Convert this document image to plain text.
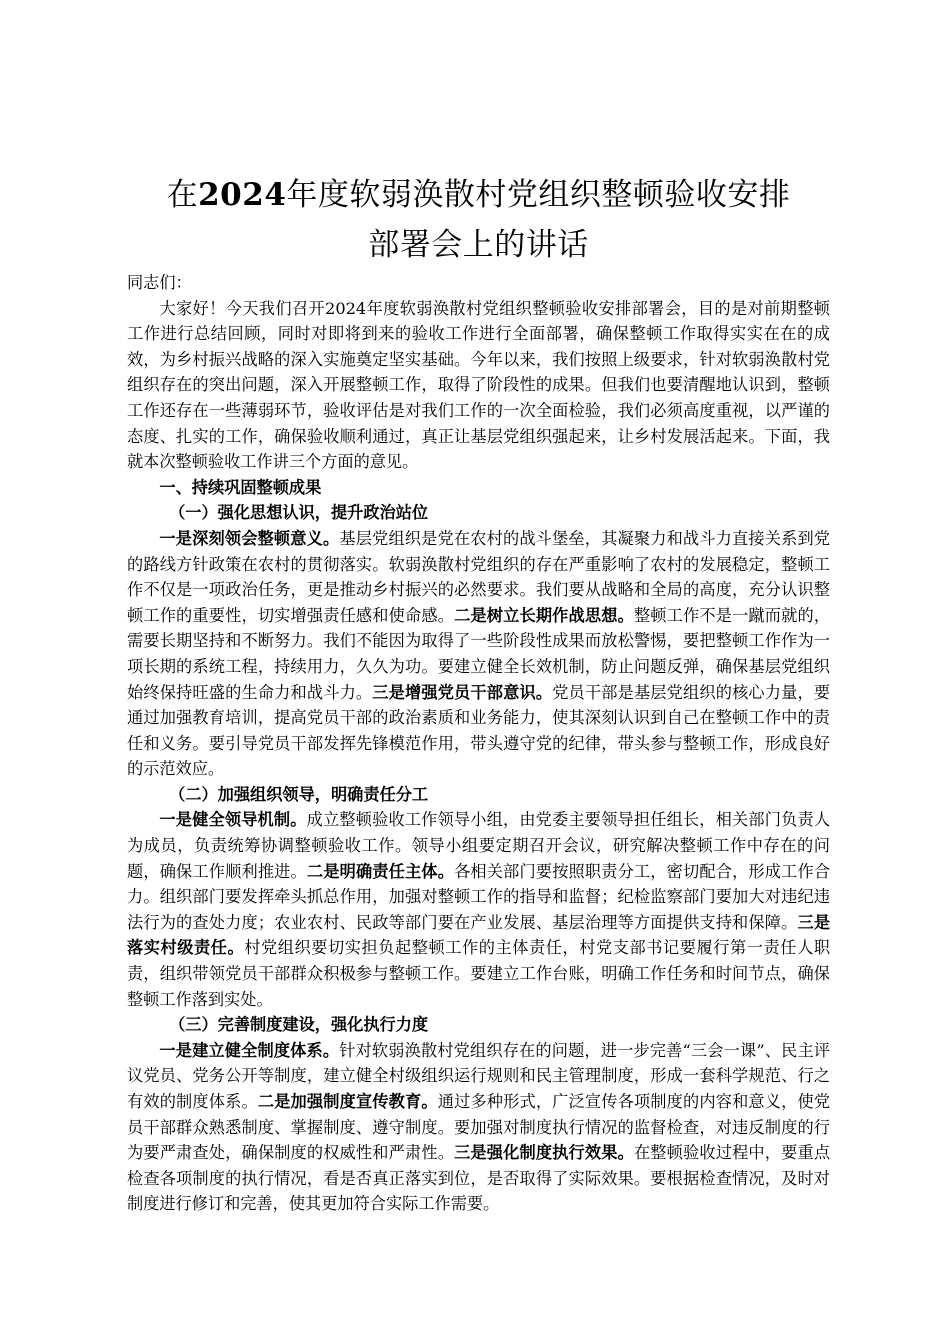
在2024年度软弱涣散村党组织整顿验收安排
部署会上的讲话

同志们：

大家好！今天我们召开2024年度软弱涣散村党组织整顿验收安排部署会，目的是对前期整顿工作进行总结回顾，同时对即将到来的验收工作进行全面部署，确保整顿工作取得实实在在的成效，为乡村振兴战略的深入实施奠定坚实基础。今年以来，我们按照上级要求，针对软弱涣散村党组织存在的突出问题，深入开展整顿工作，取得了阶段性的成果。但我们也要清醒地认识到，整顿工作还存在一些薄弱环节，验收评估是对我们工作的一次全面检验，我们必须高度重视，以严谨的态度、扎实的工作，确保验收顺利通过，真正让基层党组织强起来，让乡村发展活起来。下面，我就本次整顿验收工作讲三个方面的意见。

一、持续巩固整顿成果

（一）强化思想认识，提升政治站位

一是深刻领会整顿意义。基层党组织是党在农村的战斗堡垒，其凝聚力和战斗力直接关系到党的路线方针政策在农村的贯彻落实。软弱涣散村党组织的存在严重影响了农村的发展稳定，整顿工作不仅是一项政治任务，更是推动乡村振兴的必然要求。我们要从战略和全局的高度，充分认识整顿工作的重要性，切实增强责任感和使命感。二是树立长期作战思想。整顿工作不是一蹴而就的，需要长期坚持和不断努力。我们不能因为取得了一些阶段性成果而放松警惕，要把整顿工作作为一项长期的系统工程，持续用力，久久为功。要建立健全长效机制，防止问题反弹，确保基层党组织始终保持旺盛的生命力和战斗力。三是增强党员干部意识。党员干部是基层党组织的核心力量，要通过加强教育培训，提高党员干部的政治素质和业务能力，使其深刻认识到自己在整顿工作中的责任和义务。要引导党员干部发挥先锋模范作用，带头遵守党的纪律，带头参与整顿工作，形成良好的示范效应。

（二）加强组织领导，明确责任分工

一是健全领导机制。成立整顿验收工作领导小组，由党委主要领导担任组长，相关部门负责人为成员，负责统筹协调整顿验收工作。领导小组要定期召开会议，研究解决整顿工作中存在的问题，确保工作顺利推进。二是明确责任主体。各相关部门要按照职责分工，密切配合，形成工作合力。组织部门要发挥牵头抓总作用，加强对整顿工作的指导和监督；纪检监察部门要加大对违纪违法行为的查处力度；农业农村、民政等部门要在产业发展、基层治理等方面提供支持和保障。三是落实村级责任。村党组织要切实担负起整顿工作的主体责任，村党支部书记要履行第一责任人职责，组织带领党员干部群众积极参与整顿工作。要建立工作台账，明确工作任务和时间节点，确保整顿工作落到实处。

（三）完善制度建设，强化执行力度

一是建立健全制度体系。针对软弱涣散村党组织存在的问题，进一步完善“三会一课”、民主评议党员、党务公开等制度，建立健全村级组织运行规则和民主管理制度，形成一套科学规范、行之有效的制度体系。二是加强制度宣传教育。通过多种形式，广泛宣传各项制度的内容和意义，使党员干部群众熟悉制度、掌握制度、遵守制度。要加强对制度执行情况的监督检查，对违反制度的行为要严肃查处，确保制度的权威性和严肃性。三是强化制度执行效果。在整顿验收过程中，要重点检查各项制度的执行情况，看是否真正落实到位，是否取得了实际效果。要根据检查情况，及时对制度进行修订和完善，使其更加符合实际工作需要。
